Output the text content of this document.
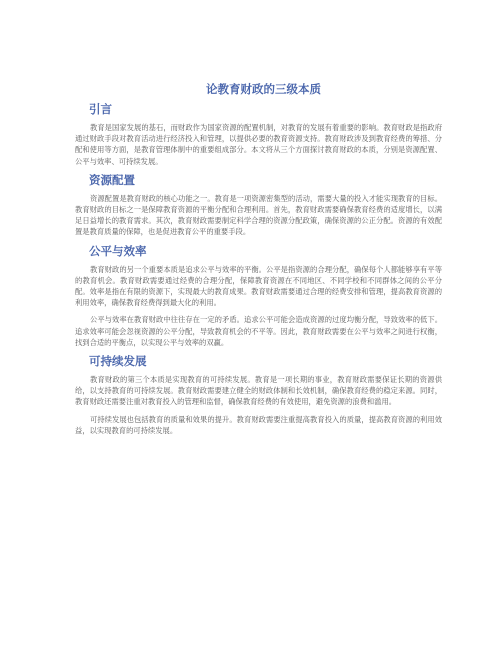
论教育财政的三级本质
引言

教育是国家发展的基石，而财政作为国家资源的配置机制，对教育的发展有着重要的影响。教育财政是指政府通过财政手段对教育活动进行经济投入和管理，以提供必要的教育资源支持。教育财政涉及到教育经费的筹措、分配和使用等方面，是教育管理体制中的重要组成部分。本文将从三个方面探讨教育财政的本质，分别是资源配置、公平与效率、可持续发展。

资源配置

资源配置是教育财政的核心功能之一。教育是一项资源密集型的活动，需要大量的投入才能实现教育的目标。教育财政的目标之一是保障教育资源的平衡分配和合理利用。首先，教育财政需要确保教育经费的适度增长，以满足日益增长的教育需求。其次，教育财政需要制定科学合理的资源分配政策，确保资源的公正分配。资源的有效配置是教育质量的保障，也是促进教育公平的重要手段。

公平与效率

教育财政的另一个重要本质是追求公平与效率的平衡。公平是指资源的合理分配，确保每个人都能够享有平等的教育机会。教育财政需要通过经费的合理分配，保障教育资源在不同地区、不同学校和不同群体之间的公平分配。效率是指在有限的资源下，实现最大的教育成果。教育财政需要通过合理的经费安排和管理，提高教育资源的利用效率，确保教育经费得到最大化的利用。

公平与效率在教育财政中往往存在一定的矛盾。追求公平可能会造成资源的过度均衡分配，导致效率的低下。追求效率可能会忽视资源的公平分配，导致教育机会的不平等。因此，教育财政需要在公平与效率之间进行权衡，找到合适的平衡点，以实现公平与效率的双赢。

可持续发展

教育财政的第三个本质是实现教育的可持续发展。教育是一项长期的事业，教育财政需要保证长期的资源供给，以支持教育的可持续发展。教育财政需要建立健全的财政体制和长效机制，确保教育经费的稳定来源。同时，教育财政还需要注重对教育投入的管理和监督，确保教育经费的有效使用，避免资源的浪费和滥用。

可持续发展也包括教育的质量和效果的提升。教育财政需要注重提高教育投入的质量，提高教育资源的利用效益，以实现教育的可持续发展。
